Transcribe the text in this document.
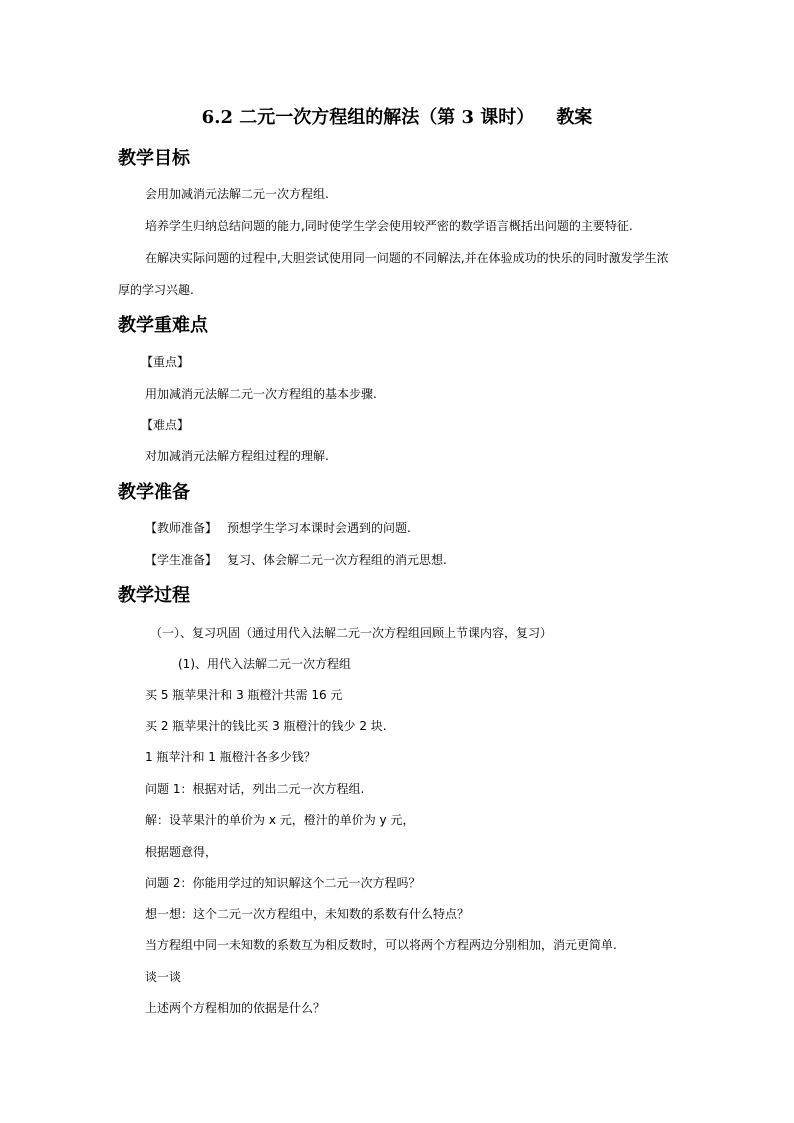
6.2 二元一次方程组的解法（第 3 课时） 教案
教学目标
会用加减消元法解二元一次方程组.
培养学生归纳总结问题的能力,同时使学生学会使用较严密的数学语言概括出问题的主要特征.
在解决实际问题的过程中,大胆尝试使用同一问题的不同解法,并在体验成功的快乐的同时激发学生浓
厚的学习兴趣.
教学重难点
【重点】
用加减消元法解二元一次方程组的基本步骤.
【难点】
对加减消元法解方程组过程的理解.
教学准备
【教师准备】 预想学生学习本课时会遇到的问题.
【学生准备】 复习、体会解二元一次方程组的消元思想.
教学过程
（一）、复习巩固（通过用代入法解二元一次方程组回顾上节课内容，复习）
(1)、用代入法解二元一次方程组
买 5 瓶苹果汁和 3 瓶橙汁共需 16 元
买 2 瓶苹果汁的钱比买 3 瓶橙汁的钱少 2 块.
1 瓶苹汁和 1 瓶橙汁各多少钱？
问题 1：根据对话，列出二元一次方程组.
解：设苹果汁的单价为 x 元，橙汁的单价为 y 元，
根据题意得，
问题 2：你能用学过的知识解这个二元一次方程吗？
想一想：这个二元一次方程组中，未知数的系数有什么特点？
当方程组中同一未知数的系数互为相反数时，可以将两个方程两边分别相加，消元更简单.
谈一谈
上述两个方程相加的依据是什么？
